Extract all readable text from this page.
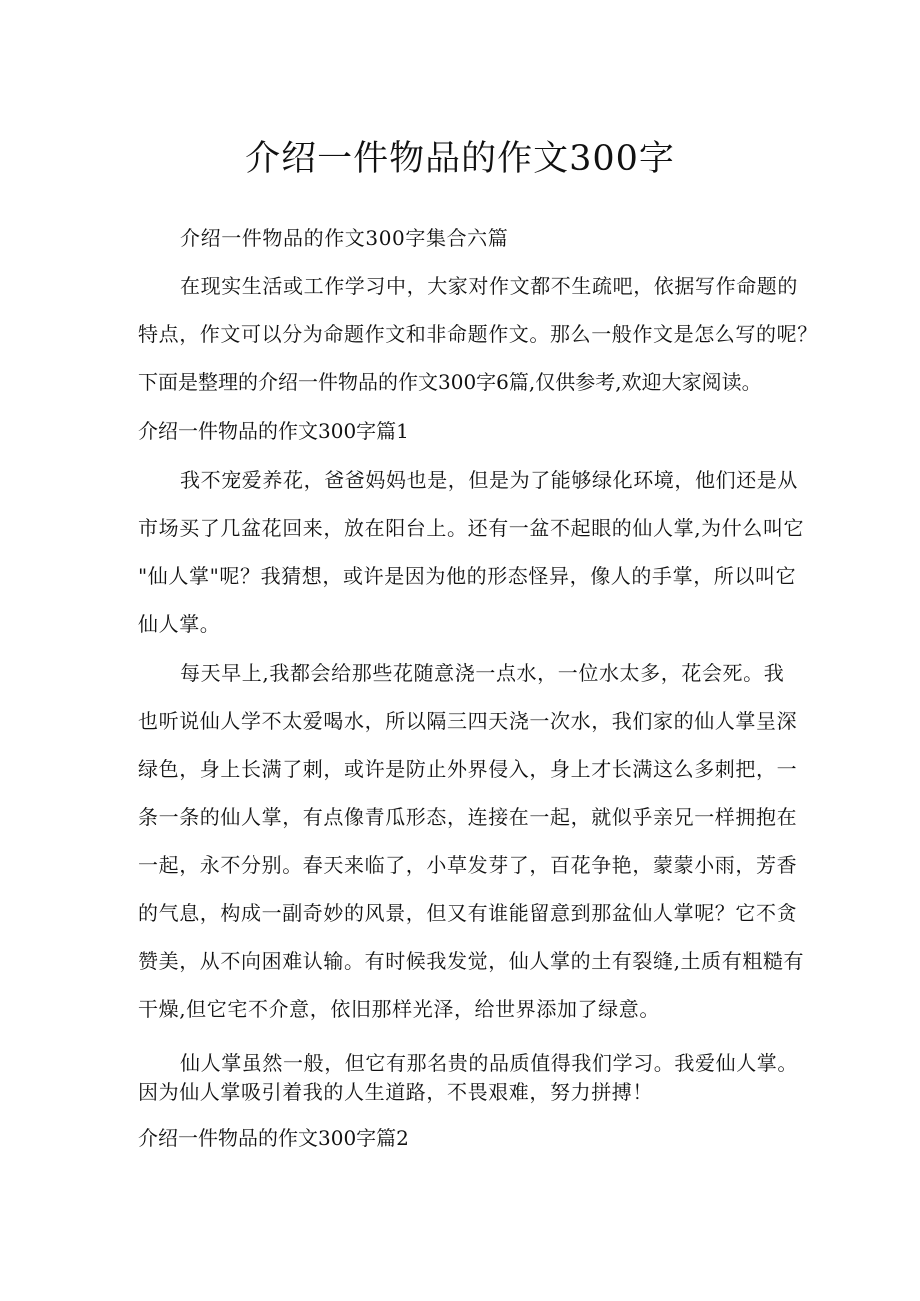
介绍一件物品的作文300字
介绍一件物品的作文300字集合六篇
在现实生活或工作学习中，大家对作文都不生疏吧，依据写作命题的
特点，作文可以分为命题作文和非命题作文。那么一般作文是怎么写的呢？
下面是整理的介绍一件物品的作文300字6篇,仅供参考,欢迎大家阅读。
介绍一件物品的作文300字篇1
我不宠爱养花，爸爸妈妈也是，但是为了能够绿化环境，他们还是从
市场买了几盆花回来，放在阳台上。还有一盆不起眼的仙人掌,为什么叫它
"仙人掌"呢？我猜想，或许是因为他的形态怪异，像人的手掌，所以叫它
仙人掌。
每天早上,我都会给那些花随意浇一点水，一位水太多，花会死。我
也听说仙人学不太爱喝水，所以隔三四天浇一次水，我们家的仙人掌呈深
绿色，身上长满了刺，或许是防止外界侵入，身上才长满这么多刺把，一
条一条的仙人掌，有点像青瓜形态，连接在一起，就似乎亲兄一样拥抱在
一起，永不分别。春天来临了，小草发芽了，百花争艳，蒙蒙小雨，芳香
的气息，构成一副奇妙的风景，但又有谁能留意到那盆仙人掌呢？它不贪
赞美，从不向困难认输。有时候我发觉，仙人掌的土有裂缝,土质有粗糙有
干燥,但它宅不介意，依旧那样光泽，给世界添加了绿意。
仙人掌虽然一般，但它有那名贵的品质值得我们学习。我爱仙人掌。
因为仙人掌吸引着我的人生道路，不畏艰难，努力拼搏！
介绍一件物品的作文300字篇2
